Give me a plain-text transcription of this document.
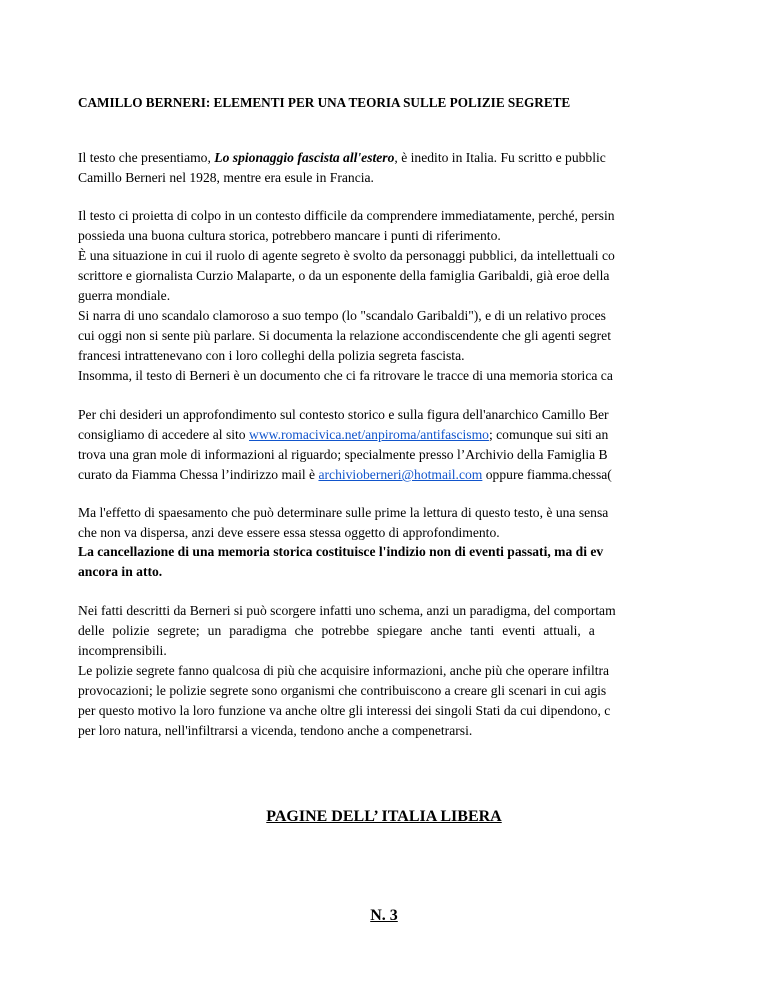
CAMILLO BERNERI: ELEMENTI PER UNA TEORIA SULLE POLIZIE SEGRETE
Il testo che presentiamo, Lo spionaggio fascista all'estero, è inedito in Italia. Fu scritto e pubblic
Camillo Berneri nel 1928, mentre era esule in Francia.
Il testo ci proietta di colpo in un contesto difficile da comprendere immediatamente, perché, persin
possieda una buona cultura storica, potrebbero mancare i punti di riferimento.
È una situazione in cui il ruolo di agente segreto è svolto da personaggi pubblici, da intellettuali co
scrittore e giornalista Curzio Malaparte, o da un esponente della famiglia Garibaldi, già eroe della
guerra mondiale.
Si narra di uno scandalo clamoroso a suo tempo (lo "scandalo Garibaldi"), e di un relativo proces
cui oggi non si sente più parlare. Si documenta la relazione accondiscendente che gli agenti segret
francesi intrattenevano con i loro colleghi della polizia segreta fascista.
Insomma, il testo di Berneri è un documento che ci fa ritrovare le tracce di una memoria storica ca
Per chi desideri un approfondimento sul contesto storico e sulla figura dell'anarchico Camillo Ber
consigliamo di accedere al sito www.romacivica.net/anpiroma/antifascismo; comunque sui siti an
trova una gran mole di informazioni al riguardo; specialmente presso l’Archivio della Famiglia B
curato da Fiamma Chessa l’indirizzo mail è archivioberneri@hotmail.com oppure fiamma.chessa(
Ma l'effetto di spaesamento che può determinare sulle prime la lettura di questo testo, è una sensa
che non va dispersa, anzi deve essere essa stessa oggetto di approfondimento.
La cancellazione di una memoria storica costituisce l'indizio non di eventi passati, ma di ev
ancora in atto.
Nei fatti descritti da Berneri si può scorgere infatti uno schema, anzi un paradigma, del comportam
delle polizie segrete; un paradigma che potrebbe spiegare anche tanti eventi attuali, a
incomprensibili.
Le polizie segrete fanno qualcosa di più che acquisire informazioni, anche più che operare infiltra
provocazioni; le polizie segrete sono organismi che contribuiscono a creare gli scenari in cui agis
per questo motivo la loro funzione va anche oltre gli interessi dei singoli Stati da cui dipendono, c
per loro natura, nell'infiltrarsi a vicenda, tendono anche a compenetrarsi.
PAGINE DELL’ ITALIA LIBERA
N. 3
